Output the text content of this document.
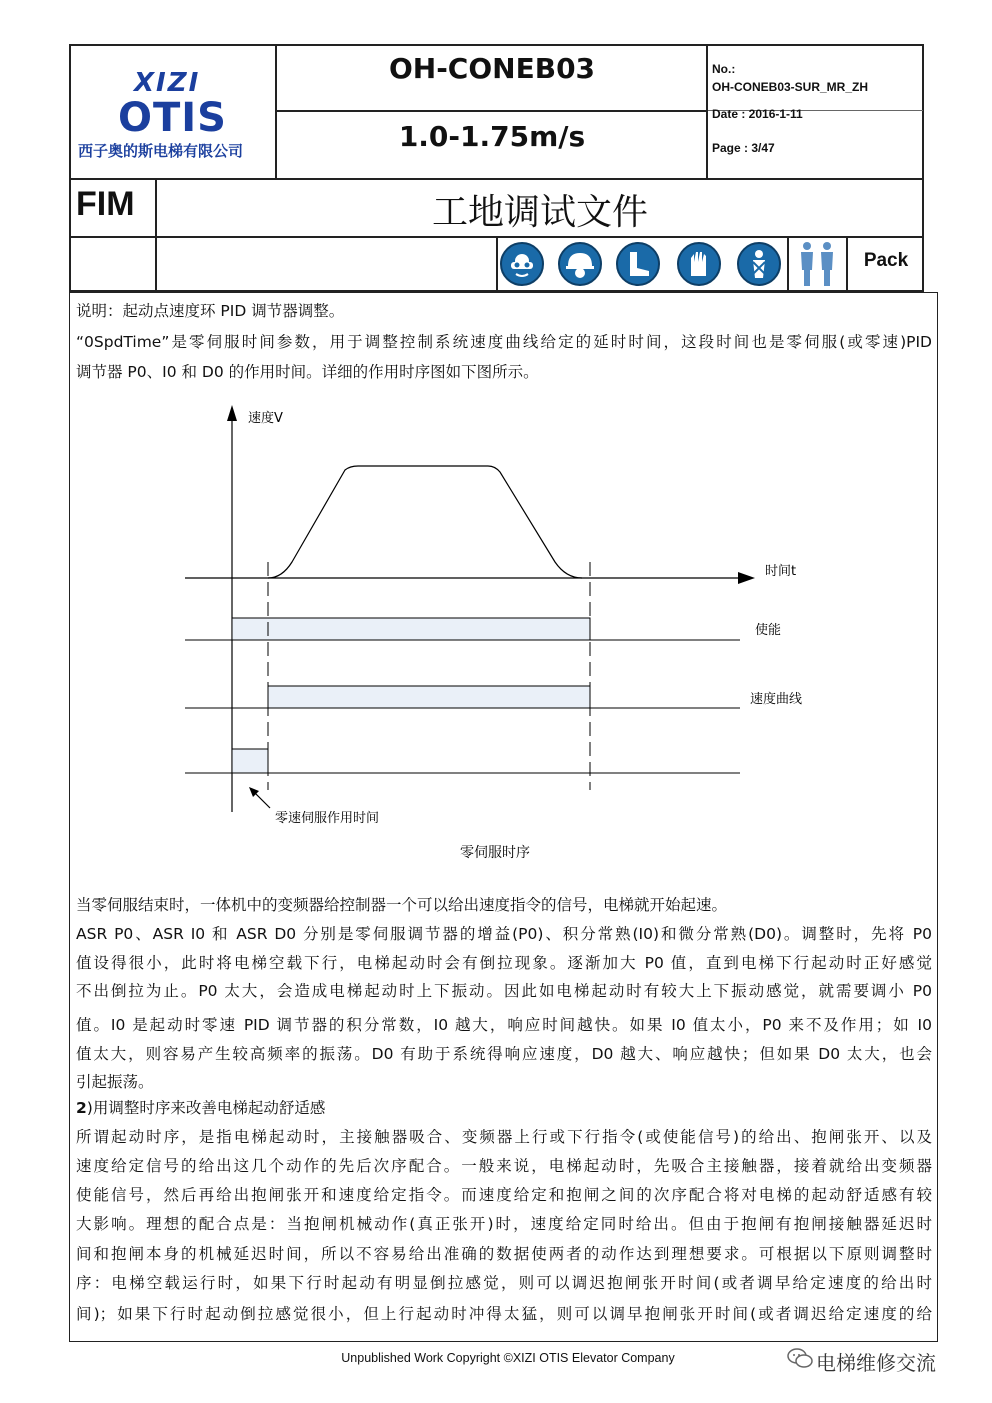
XIZI
OTIS
西子奥的斯电梯有限公司
OH-CONEB03
1.0-1.75m/s
No.:
OH-CONEB03-SUR_MR_ZH
Date : 2016-1-11
Page : 3/47
FIM	工地调试文件
Pack
说明：起动点速度环 PID 调节器调整。
“0SpdTime”是零伺服时间参数，用于调整控制系统速度曲线给定的延时时间，这段时间也是零伺服(或零速)PID
调节器 P0、I0 和 D0 的作用时间。详细的作用时序图如下图所示。
速度V
时间t
使能
速度曲线
零速伺服作用时间
零伺服时序
当零伺服结束时，一体机中的变频器给控制器一个可以给出速度指令的信号，电梯就开始起速。
ASR P0、ASR I0 和 ASR D0 分别是零伺服调节器的增益(P0)、积分常熟(I0)和微分常熟(D0)。调整时，先将 P0
值设得很小，此时将电梯空载下行，电梯起动时会有倒拉现象。逐渐加大 P0 值，直到电梯下行起动时正好感觉
不出倒拉为止。P0 太大，会造成电梯起动时上下振动。因此如电梯起动时有较大上下振动感觉，就需要调小 P0
值。I0 是起动时零速 PID 调节器的积分常数，I0 越大，响应时间越快。如果 I0 值太小，P0 来不及作用；如 I0
值太大，则容易产生较高频率的振荡。D0 有助于系统得响应速度，D0 越大、响应越快；但如果 D0 太大，也会
引起振荡。
2)用调整时序来改善电梯起动舒适感
所谓起动时序，是指电梯起动时，主接触器吸合、变频器上行或下行指令(或使能信号)的给出、抱闸张开、以及
速度给定信号的给出这几个动作的先后次序配合。一般来说，电梯起动时，先吸合主接触器，接着就给出变频器
使能信号，然后再给出抱闸张开和速度给定指令。而速度给定和抱闸之间的次序配合将对电梯的起动舒适感有较
大影响。理想的配合点是：当抱闸机械动作(真正张开)时，速度给定同时给出。但由于抱闸有抱闸接触器延迟时
间和抱闸本身的机械延迟时间，所以不容易给出准确的数据使两者的动作达到理想要求。可根据以下原则调整时
序：电梯空载运行时，如果下行时起动有明显倒拉感觉，则可以调迟抱闸张开时间(或者调早给定速度的给出时
间)；如果下行时起动倒拉感觉很小，但上行起动时冲得太猛，则可以调早抱闸张开时间(或者调迟给定速度的给
Unpublished Work Copyright ©XIZI OTIS Elevator Company	电梯维修交流
